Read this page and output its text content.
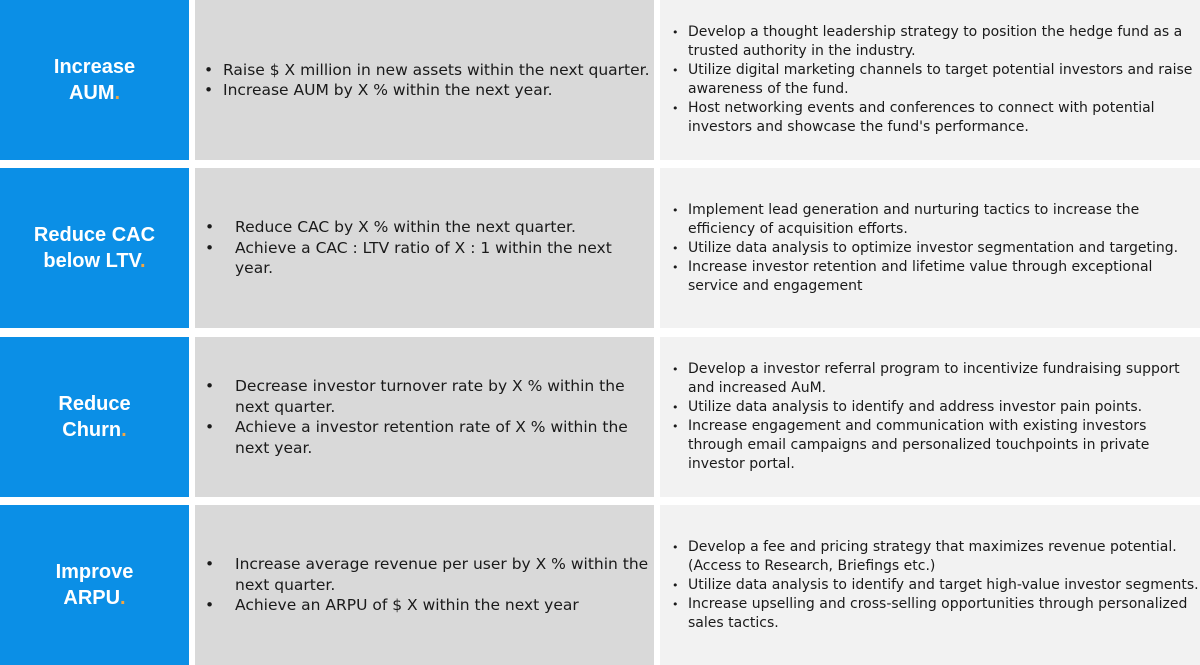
Increase
AUM.
• Raise $ X million in new assets within the next quarter.
• Increase AUM by X % within the next year.
• Develop a thought leadership strategy to position the hedge fund as a trusted authority in the industry.
• Utilize digital marketing channels to target potential investors and raise awareness of the fund.
• Host networking events and conferences to connect with potential investors and showcase the fund's performance.
Reduce CAC
below LTV.
• Reduce CAC by X % within the next quarter.
• Achieve a CAC : LTV ratio of X : 1 within the next year.
• Implement lead generation and nurturing tactics to increase the efficiency of acquisition efforts.
• Utilize data analysis to optimize investor segmentation and targeting.
• Increase investor retention and lifetime value through exceptional service and engagement
Reduce
Churn.
• Decrease investor turnover rate by X % within the next quarter.
• Achieve a investor retention rate of X % within the next year.
• Develop a investor referral program to incentivize fundraising support and increased AuM.
• Utilize data analysis to identify and address investor pain points.
• Increase engagement and communication with existing investors through email campaigns and personalized touchpoints in private investor portal.
Improve
ARPU.
• Increase average revenue per user by X % within the next quarter.
• Achieve an ARPU of $ X within the next year
• Develop a fee and pricing strategy that maximizes revenue potential. (Access to Research, Briefings etc.)
• Utilize data analysis to identify and target high-value investor segments.
• Increase upselling and cross-selling opportunities through personalized sales tactics.
